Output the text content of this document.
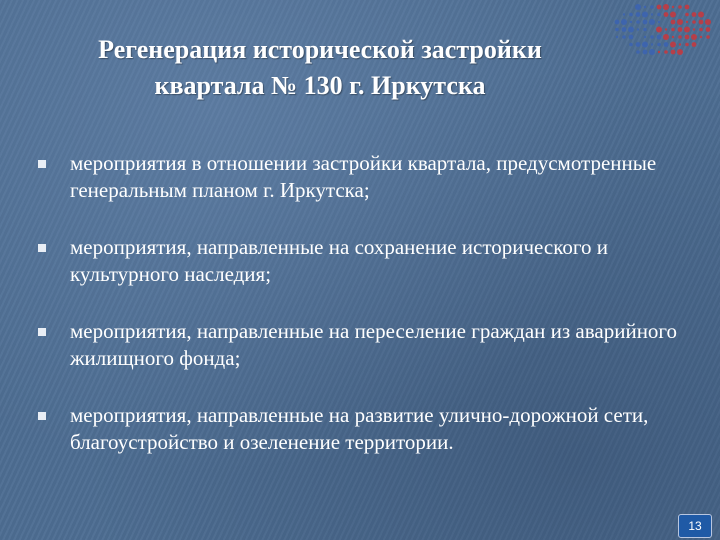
Регенерация исторической застройки
квартала № 130 г. Иркутска
мероприятия в отношении застройки квартала, предусмотренные генеральным планом г. Иркутска;
мероприятия, направленные на сохранение исторического и культурного наследия;
мероприятия, направленные на переселение граждан из аварийного жилищного фонда;
мероприятия, направленные на развитие улично-дорожной сети, благоустройство и озеленение территории.
13
